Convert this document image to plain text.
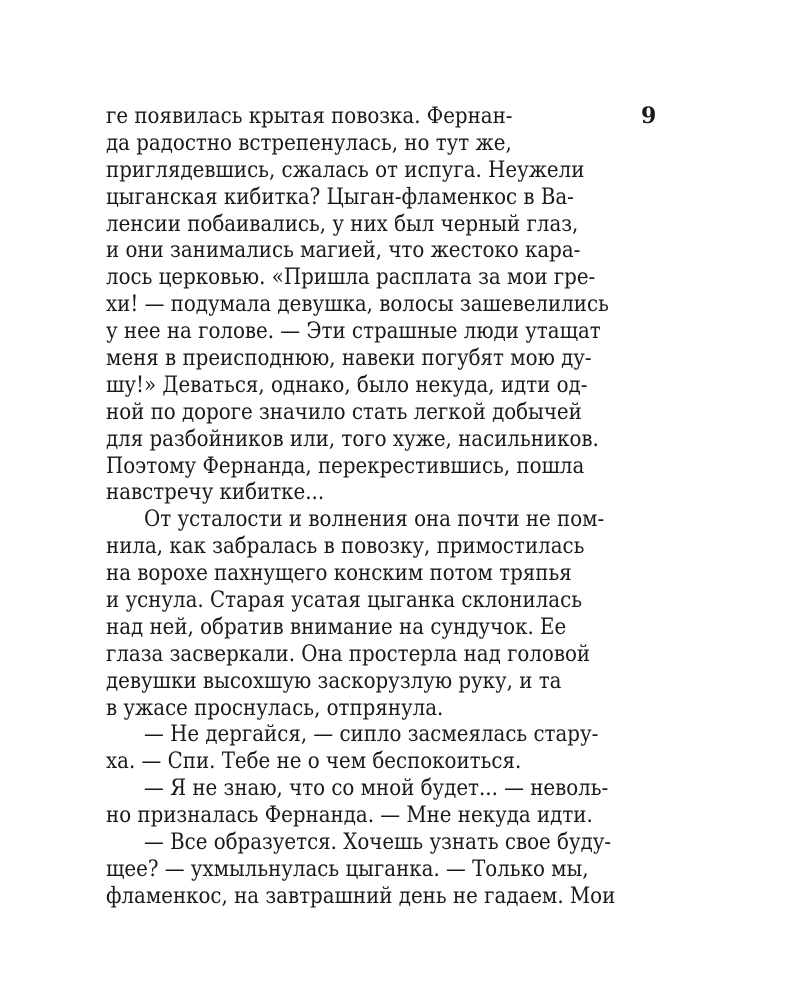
9
ге появилась крытая повозка. Фернан-
да радостно встрепенулась, но тут же,
приглядевшись, сжалась от испуга. Неужели
цыганская кибитка? Цыган-фламенкос в Ва-
ленсии побаивались, у них был черный глаз,
и они занимались магией, что жестоко кара-
лось церковью. «Пришла расплата за мои гре-
хи! — подумала девушка, волосы зашевелились
у нее на голове. — Эти страшные люди утащат
меня в преисподнюю, навеки погубят мою ду-
шу!» Деваться, однако, было некуда, идти од-
ной по дороге значило стать легкой добычей
для разбойников или, того хуже, насильников.
Поэтому Фернанда, перекрестившись, пошла
навстречу кибитке...
От усталости и волнения она почти не пом-
нила, как забралась в повозку, примостилась
на ворохе пахнущего конским потом тряпья
и уснула. Старая усатая цыганка склонилась
над ней, обратив внимание на сундучок. Ее
глаза засверкали. Она простерла над головой
девушки высохшую заскорузлую руку, и та
в ужасе проснулась, отпрянула.
— Не дергайся, — сипло засмеялась стару-
ха. — Спи. Тебе не о чем беспокоиться.
— Я не знаю, что со мной будет... — неволь-
но призналась Фернанда. — Мне некуда идти.
— Все образуется. Хочешь узнать свое буду-
щее? — ухмыльнулась цыганка. — Только мы,
фламенкос, на завтрашний день не гадаем. Мои
